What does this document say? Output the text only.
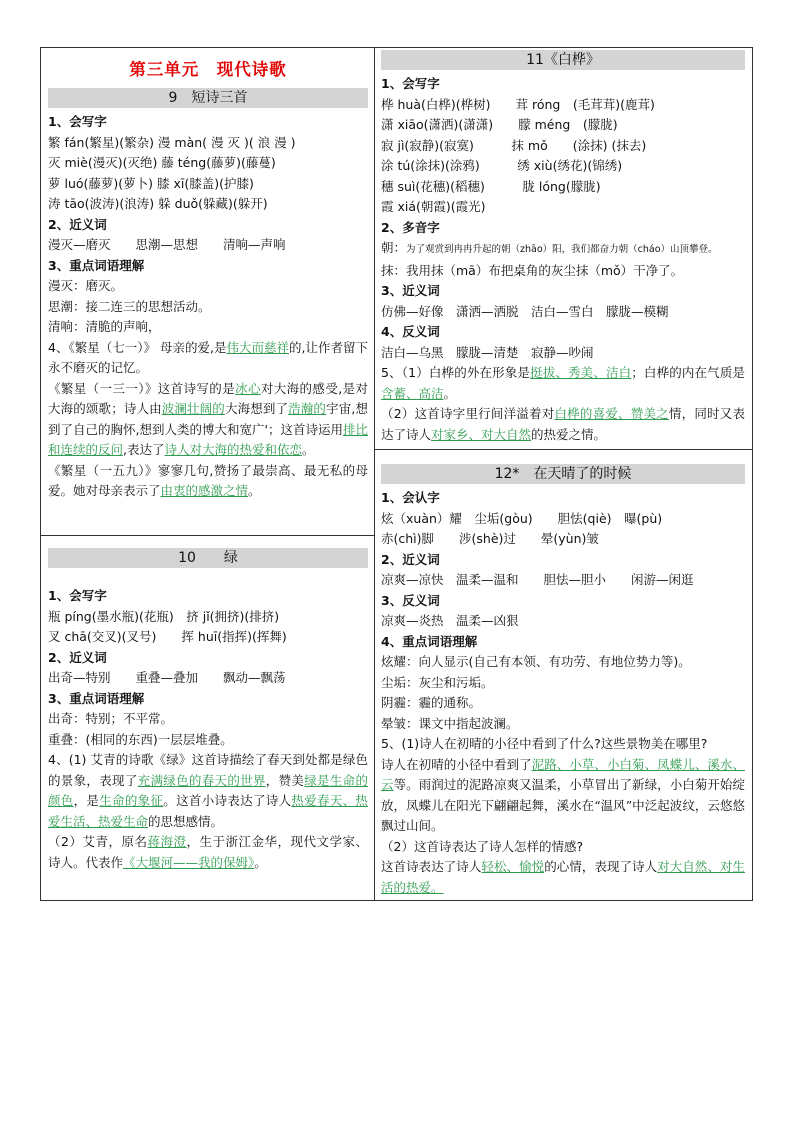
第三单元　现代诗歌
9　短诗三首
1、会写字
繁 fán(繁星)(繁杂) 漫 màn( 漫 灭 )( 浪 漫 )
灭 miè(漫灭)(灭绝) 藤 téng(藤萝)(藤蔓)
萝 luó(藤萝)(萝卜) 膝 xī(膝盖)(护膝)
涛 tāo(波涛)(浪涛) 躲 duǒ(躲藏)(躲开)
2、近义词
漫灭—磨灭　　思潮—思想　　清响—声响
3、重点词语理解
漫灭：磨灭。
思潮：接二连三的思想活动。
清响：清脆的声响，
4、《繁星（七一）》 母亲的爱,是伟大而慈祥的,让作者留下永不磨灭的记忆。
《繁星（一三一）》这首诗写的是冰心对大海的感受,是对大海的颂歌；诗人由波澜壮阔的大海想到了浩瀚的宇宙,想到了自己的胸怀,想到人类的博大和宽广'；这首诗运用排比和连续的反问,表达了诗人对大海的热爱和依恋。
《繁星（一五九）》寥寥几句,赞扬了最崇高、最无私的母爱。她对母亲表示了由衷的感激之情。
10　　绿
1、会写字
瓶 píng(墨水瓶)(花瓶)　挤 jǐ(拥挤)(排挤)
叉 chā(交叉)(叉号)　　挥 huī(指挥)(挥舞)
2、近义词
出奇—特别　　重叠—叠加　　飘动—飘荡
3、重点词语理解
出奇：特别；不平常。
重叠：(相同的东西)一层层堆叠。
4、(1) 艾青的诗歌《绿》这首诗描绘了春天到处都是绿色的景象，表现了充满绿色的春天的世界，赞美绿是生命的颜色，是生命的象征。这首小诗表达了诗人热爱春天、热爱生活、热爱生命的思想感情。
（2）艾青，原名蒋海澄，生于浙江金华，现代文学家、诗人。代表作《大堰河——我的保姆》。
11《白桦》
1、会写字
桦 huà(白桦)(桦树)　　茸 róng　(毛茸茸)(鹿茸)
潇 xiāo(潇洒)(潇潇)　　朦 méng　(朦胧)
寂 jì(寂静)(寂寞)　　　抹 mǒ　　(涂抹) (抹去)
涂 tú(涂抹)(涂鸦)　　　绣 xiù(绣花)(锦绣)
穗 suì(花穗)(稻穗)　　　胧 lóng(朦胧)
霞 xiá(朝霞)(霞光)
2、多音字
朝：为了观赏到冉冉升起的朝（zhāo）阳，我们都奋力朝（cháo）山顶攀登。
抹：我用抹（mā）布把桌角的灰尘抹（mǒ）干净了。
3、近义词
仿佛—好像　潇洒—洒脱　洁白—雪白　朦胧—模糊
4、反义词
洁白—乌黑　朦胧—清楚　寂静—吵闹
5、（1）白桦的外在形象是挺拔、秀美、洁白；白桦的内在气质是含蓄、高洁。
（2）这首诗字里行间洋溢着对白桦的喜爱、赞美之情，同时又表达了诗人对家乡、对大自然的热爱之情。
12*　在天晴了的时候
1、会认字
炫（xuàn）耀　尘垢(gòu)　　胆怯(qiè)　曝(pù)
赤(chì)脚　　涉(shè)过　　晕(yùn)皱
2、近义词
凉爽—凉快　温柔—温和　　胆怯—胆小　　闲游—闲逛
3、反义词
凉爽—炎热　温柔—凶狠
4、重点词语理解
炫耀：向人显示(自己有本领、有功劳、有地位势力等)。
尘垢：灰尘和污垢。
阴霾：霾的通称。
晕皱：课文中指起波澜。
5、(1)诗人在初晴的小径中看到了什么?这些景物美在哪里?
诗人在初晴的小径中看到了泥路、小草、小白菊、凤蝶儿、溪水、云等。雨润过的泥路凉爽又温柔，小草冒出了新绿，小白菊开始绽放，凤蝶儿在阳光下翩翩起舞，溪水在“温风”中泛起波纹，云悠悠飘过山间。
（2）这首诗表达了诗人怎样的情感?
这首诗表达了诗人轻松、愉悦的心情，表现了诗人对大自然、对生活的热爱。
